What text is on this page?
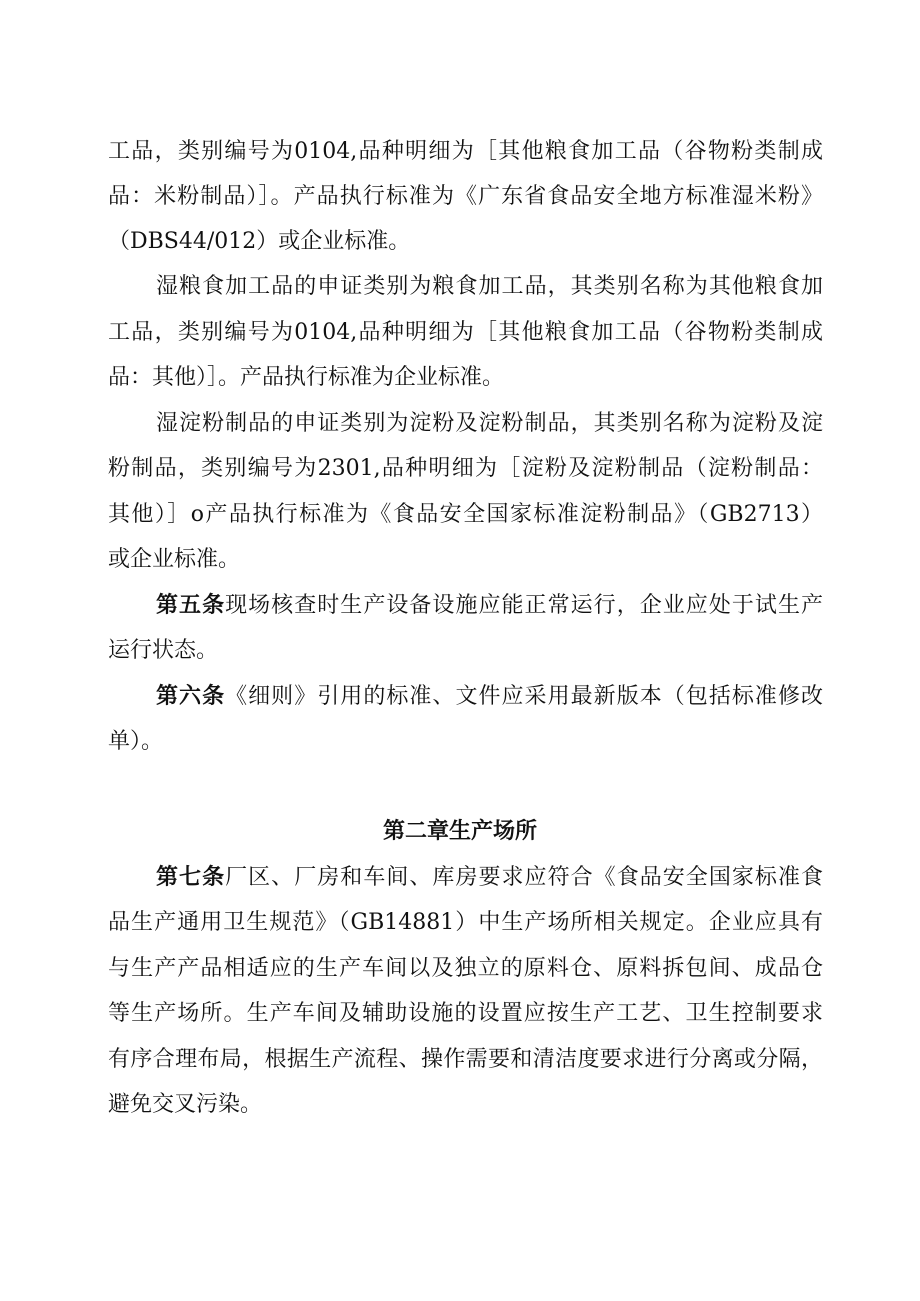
工品，类别编号为0104,品种明细为［其他粮食加工品（谷物粉类制成
品：米粉制品）］。产品执行标准为《广东省食品安全地方标准湿米粉》
（DBS44/012）或企业标准。
湿粮食加工品的申证类别为粮食加工品，其类别名称为其他粮食加
工品，类别编号为0104,品种明细为［其他粮食加工品（谷物粉类制成
品：其他）］。产品执行标准为企业标准。
湿淀粉制品的申证类别为淀粉及淀粉制品，其类别名称为淀粉及淀
粉制品，类别编号为2301,品种明细为［淀粉及淀粉制品（淀粉制品：
其他）］o产品执行标准为《食品安全国家标准淀粉制品》（GB2713）
或企业标准。
第五条现场核查时生产设备设施应能正常运行，企业应处于试生产
运行状态。
第六条《细则》引用的标准、文件应采用最新版本（包括标准修改
单）。
第二章生产场所
第七条厂区、厂房和车间、库房要求应符合《食品安全国家标准食
品生产通用卫生规范》（GB14881）中生产场所相关规定。企业应具有
与生产产品相适应的生产车间以及独立的原料仓、原料拆包间、成品仓
等生产场所。生产车间及辅助设施的设置应按生产工艺、卫生控制要求
有序合理布局，根据生产流程、操作需要和清洁度要求进行分离或分隔，
避免交叉污染。
